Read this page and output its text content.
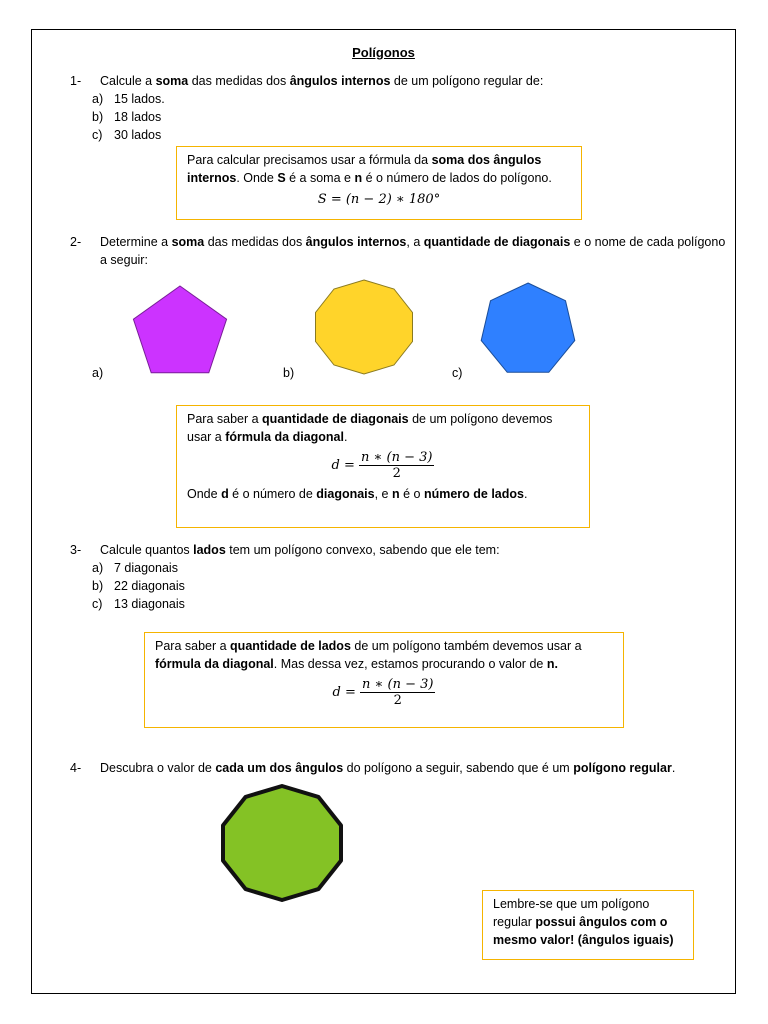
Polígonos
1- Calcule a soma das medidas dos ângulos internos de um polígono regular de:
a) 15 lados.
b) 18 lados
c) 30 lados
Para calcular precisamos usar a fórmula da soma dos ângulos
internos. Onde S é a soma e n é o número de lados do polígono.
S = (n − 2) ∗ 180°
2- Determine a soma das medidas dos ângulos internos, a quantidade de diagonais e o nome de cada polígono
a seguir:
a)	b)	c)
Para saber a quantidade de diagonais de um polígono devemos
usar a fórmula da diagonal.
$d = \frac{n ∗ (n - 3)}{2}$
Onde d é o número de diagonais, e n é o número de lados.
3- Calcule quantos lados tem um polígono convexo, sabendo que ele tem:
a) 7 diagonais
b) 22 diagonais
c) 13 diagonais
Para saber a quantidade de lados de um polígono também devemos usar a
fórmula da diagonal. Mas dessa vez, estamos procurando o valor de n.
$d = \frac{n ∗ (n - 3)}{2}$
4- Descubra o valor de cada um dos ângulos do polígono a seguir, sabendo que é um polígono regular.
Lembre-se que um polígono
regular possui ângulos com o
mesmo valor! (ângulos iguais)
